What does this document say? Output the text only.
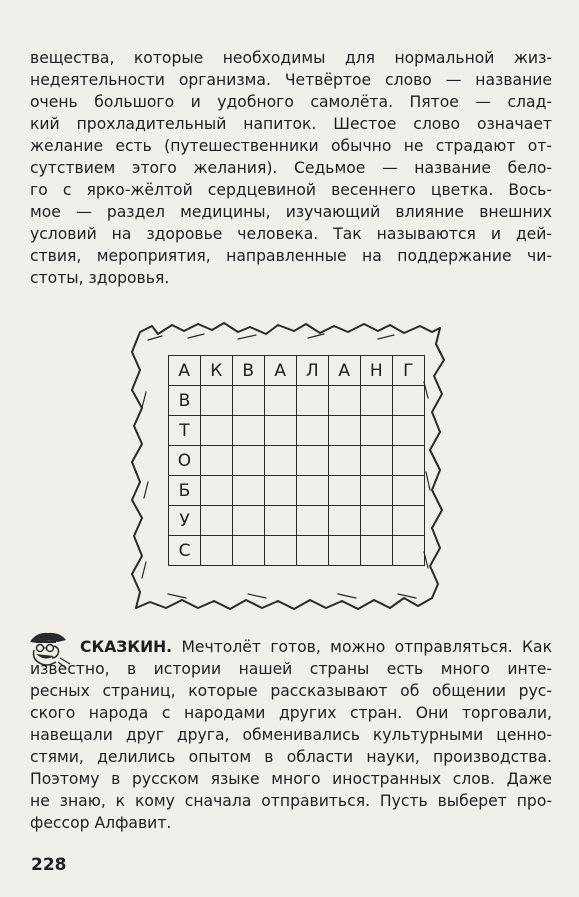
вещества, которые необходимы для нормальной жиз-
недеятельности организма. Четвёртое слово — название
очень большого и удобного самолёта. Пятое — слад-
кий прохладительный напиток. Шестое слово означает
желание есть (путешественники обычно не страдают от-
сутствием этого желания). Седьмое — название бело-
го с ярко-жёлтой сердцевиной весеннего цветка. Вось-
мое — раздел медицины, изучающий влияние внешних
условий на здоровье человека. Так называются и дей-
ствия, мероприятия, направленные на поддержание чи-
стоты, здоровья.
А	К	В	А	Л	А	Н	Г
В							
Т							
О							
Б							
У							
С							
СКАЗКИН. Мечтолёт готов, можно отправляться. Как
известно, в истории нашей страны есть много инте-
ресных страниц, которые рассказывают об общении рус-
ского народа с народами других стран. Они торговали,
навещали друг друга, обменивались культурными ценно-
стями, делились опытом в области науки, производства.
Поэтому в русском языке много иностранных слов. Даже
не знаю, к кому сначала отправиться. Пусть выберет про-
фессор Алфавит.

228
